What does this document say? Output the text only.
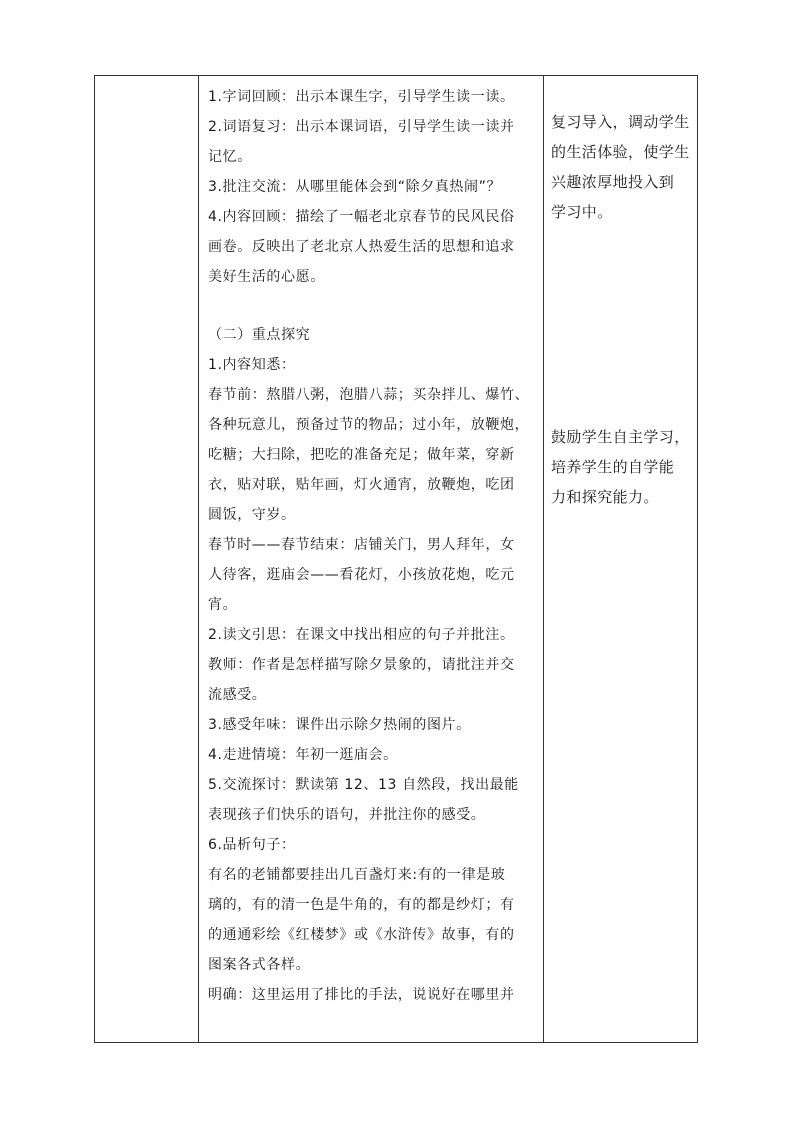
1.字词回顾：出示本课生字，引导学生读一读。
2.词语复习：出示本课词语，引导学生读一读并
记忆。
3.批注交流：从哪里能体会到“除夕真热闹”？
4.内容回顾：描绘了一幅老北京春节的民风民俗
画卷。反映出了老北京人热爱生活的思想和追求
美好生活的心愿。
（二）重点探究
1.内容知悉：
春节前：熬腊八粥，泡腊八蒜；买杂拌儿、爆竹、
各种玩意儿，预备过节的物品；过小年，放鞭炮，
吃糖；大扫除，把吃的准备充足；做年菜，穿新
衣，贴对联，贴年画，灯火通宵，放鞭炮，吃团
圆饭，守岁。
春节时——春节结束：店铺关门，男人拜年，女
人待客，逛庙会——看花灯，小孩放花炮，吃元
宵。
2.读文引思：在课文中找出相应的句子并批注。
教师：作者是怎样描写除夕景象的，请批注并交
流感受。
3.感受年味：课件出示除夕热闹的图片。
4.走进情境：年初一逛庙会。
5.交流探讨：默读第 12、13 自然段，找出最能
表现孩子们快乐的语句，并批注你的感受。
6.品析句子：
有名的老铺都要挂出几百盏灯来:有的一律是玻
璃的，有的清一色是牛角的，有的都是纱灯；有
的通通彩绘《红楼梦》或《水浒传》故事，有的
图案各式各样。
明确：这里运用了排比的手法，说说好在哪里并
复习导入，调动学生
的生活体验，使学生
兴趣浓厚地投入到
学习中。
鼓励学生自主学习，
培养学生的自学能
力和探究能力。
